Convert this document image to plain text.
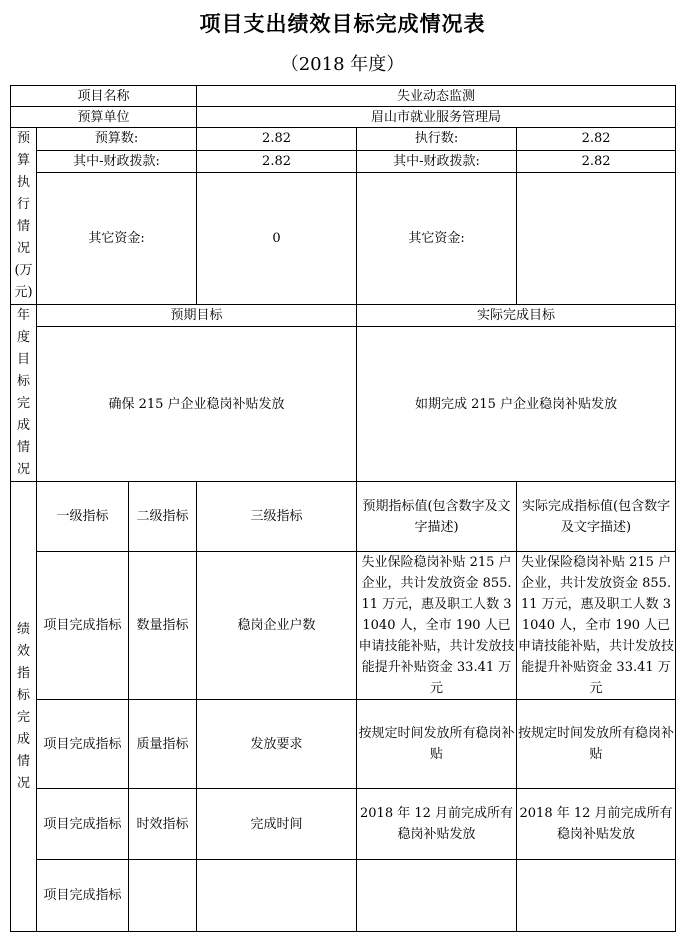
项目支出绩效目标完成情况表
（2018 年度）
项目名称			失业动态监测		
预算单位			眉山市就业服务管理局		
预算执行情况(万元)	预算数:		2.82	执行数:	2.82
	其中-财政拨款:		2.82	其中-财政拨款:	2.82
	其它资金:		0	其它资金:	
年度目标完成情况	预期目标			实际完成目标	
	确保 215 户企业稳岗补贴发放			如期完成 215 户企业稳岗补贴发放	
绩效指标完成情况	一级指标	二级指标	三级指标	预期指标值(包含数字及文字描述)	实际完成指标值(包含数字及文字描述)
	项目完成指标	数量指标	稳岗企业户数	失业保险稳岗补贴 215 户企业，共计发放资金 855.11 万元，惠及职工人数 31040 人，全市 190 人已申请技能补贴，共计发放技能提升补贴资金 33.41 万元	失业保险稳岗补贴 215 户企业，共计发放资金 855.11 万元，惠及职工人数 31040 人，全市 190 人已申请技能补贴，共计发放技能提升补贴资金 33.41 万元
	项目完成指标	质量指标	发放要求	按规定时间发放所有稳岗补贴	按规定时间发放所有稳岗补贴
	项目完成指标	时效指标	完成时间	2018 年 12 月前完成所有稳岗补贴发放	2018 年 12 月前完成所有稳岗补贴发放
	项目完成指标				
